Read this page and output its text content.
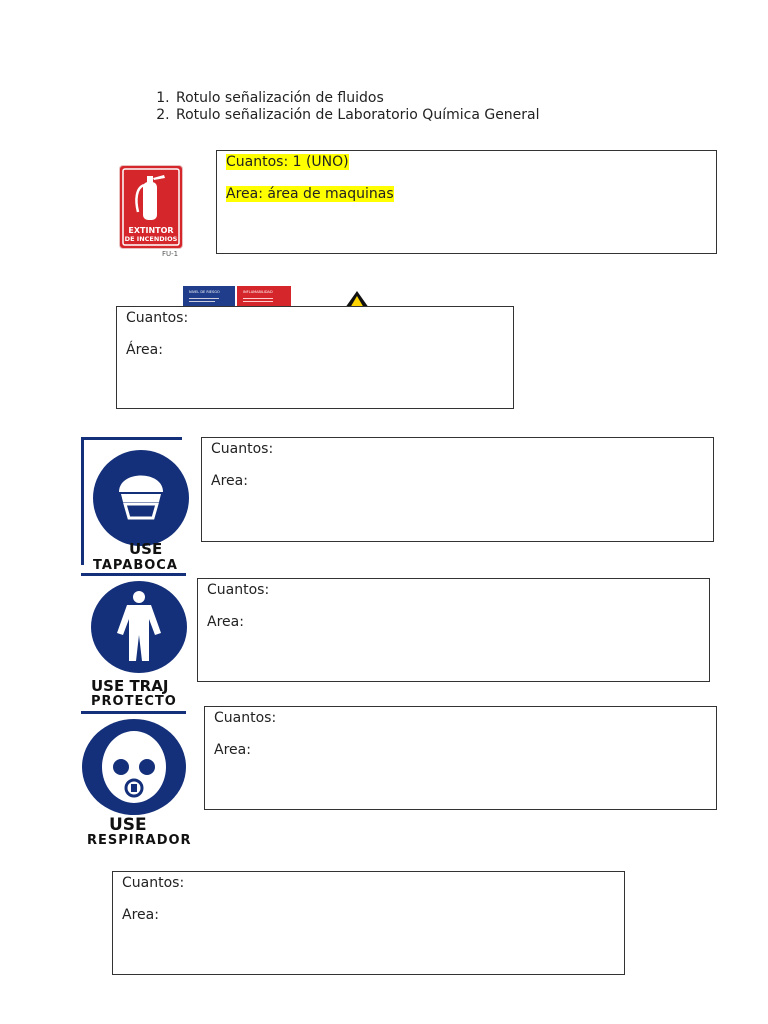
1. Rotulo señalización de fluidos
2. Rotulo señalización de Laboratorio Química General
EXTINTOR
DE INCENDIOS
FU-1
NIVEL DE RIESGO	INFLAMABILIDAD
USE
TAPABOCA
USE TRAJ
PROTECTO
USE
RESPIRADOR
Cuantos: 1 (UNO)
Area: área de maquinas
Cuantos:
Área:
Cuantos:
Area:
Cuantos:
Area:
Cuantos:
Area:
Cuantos:
Area:
